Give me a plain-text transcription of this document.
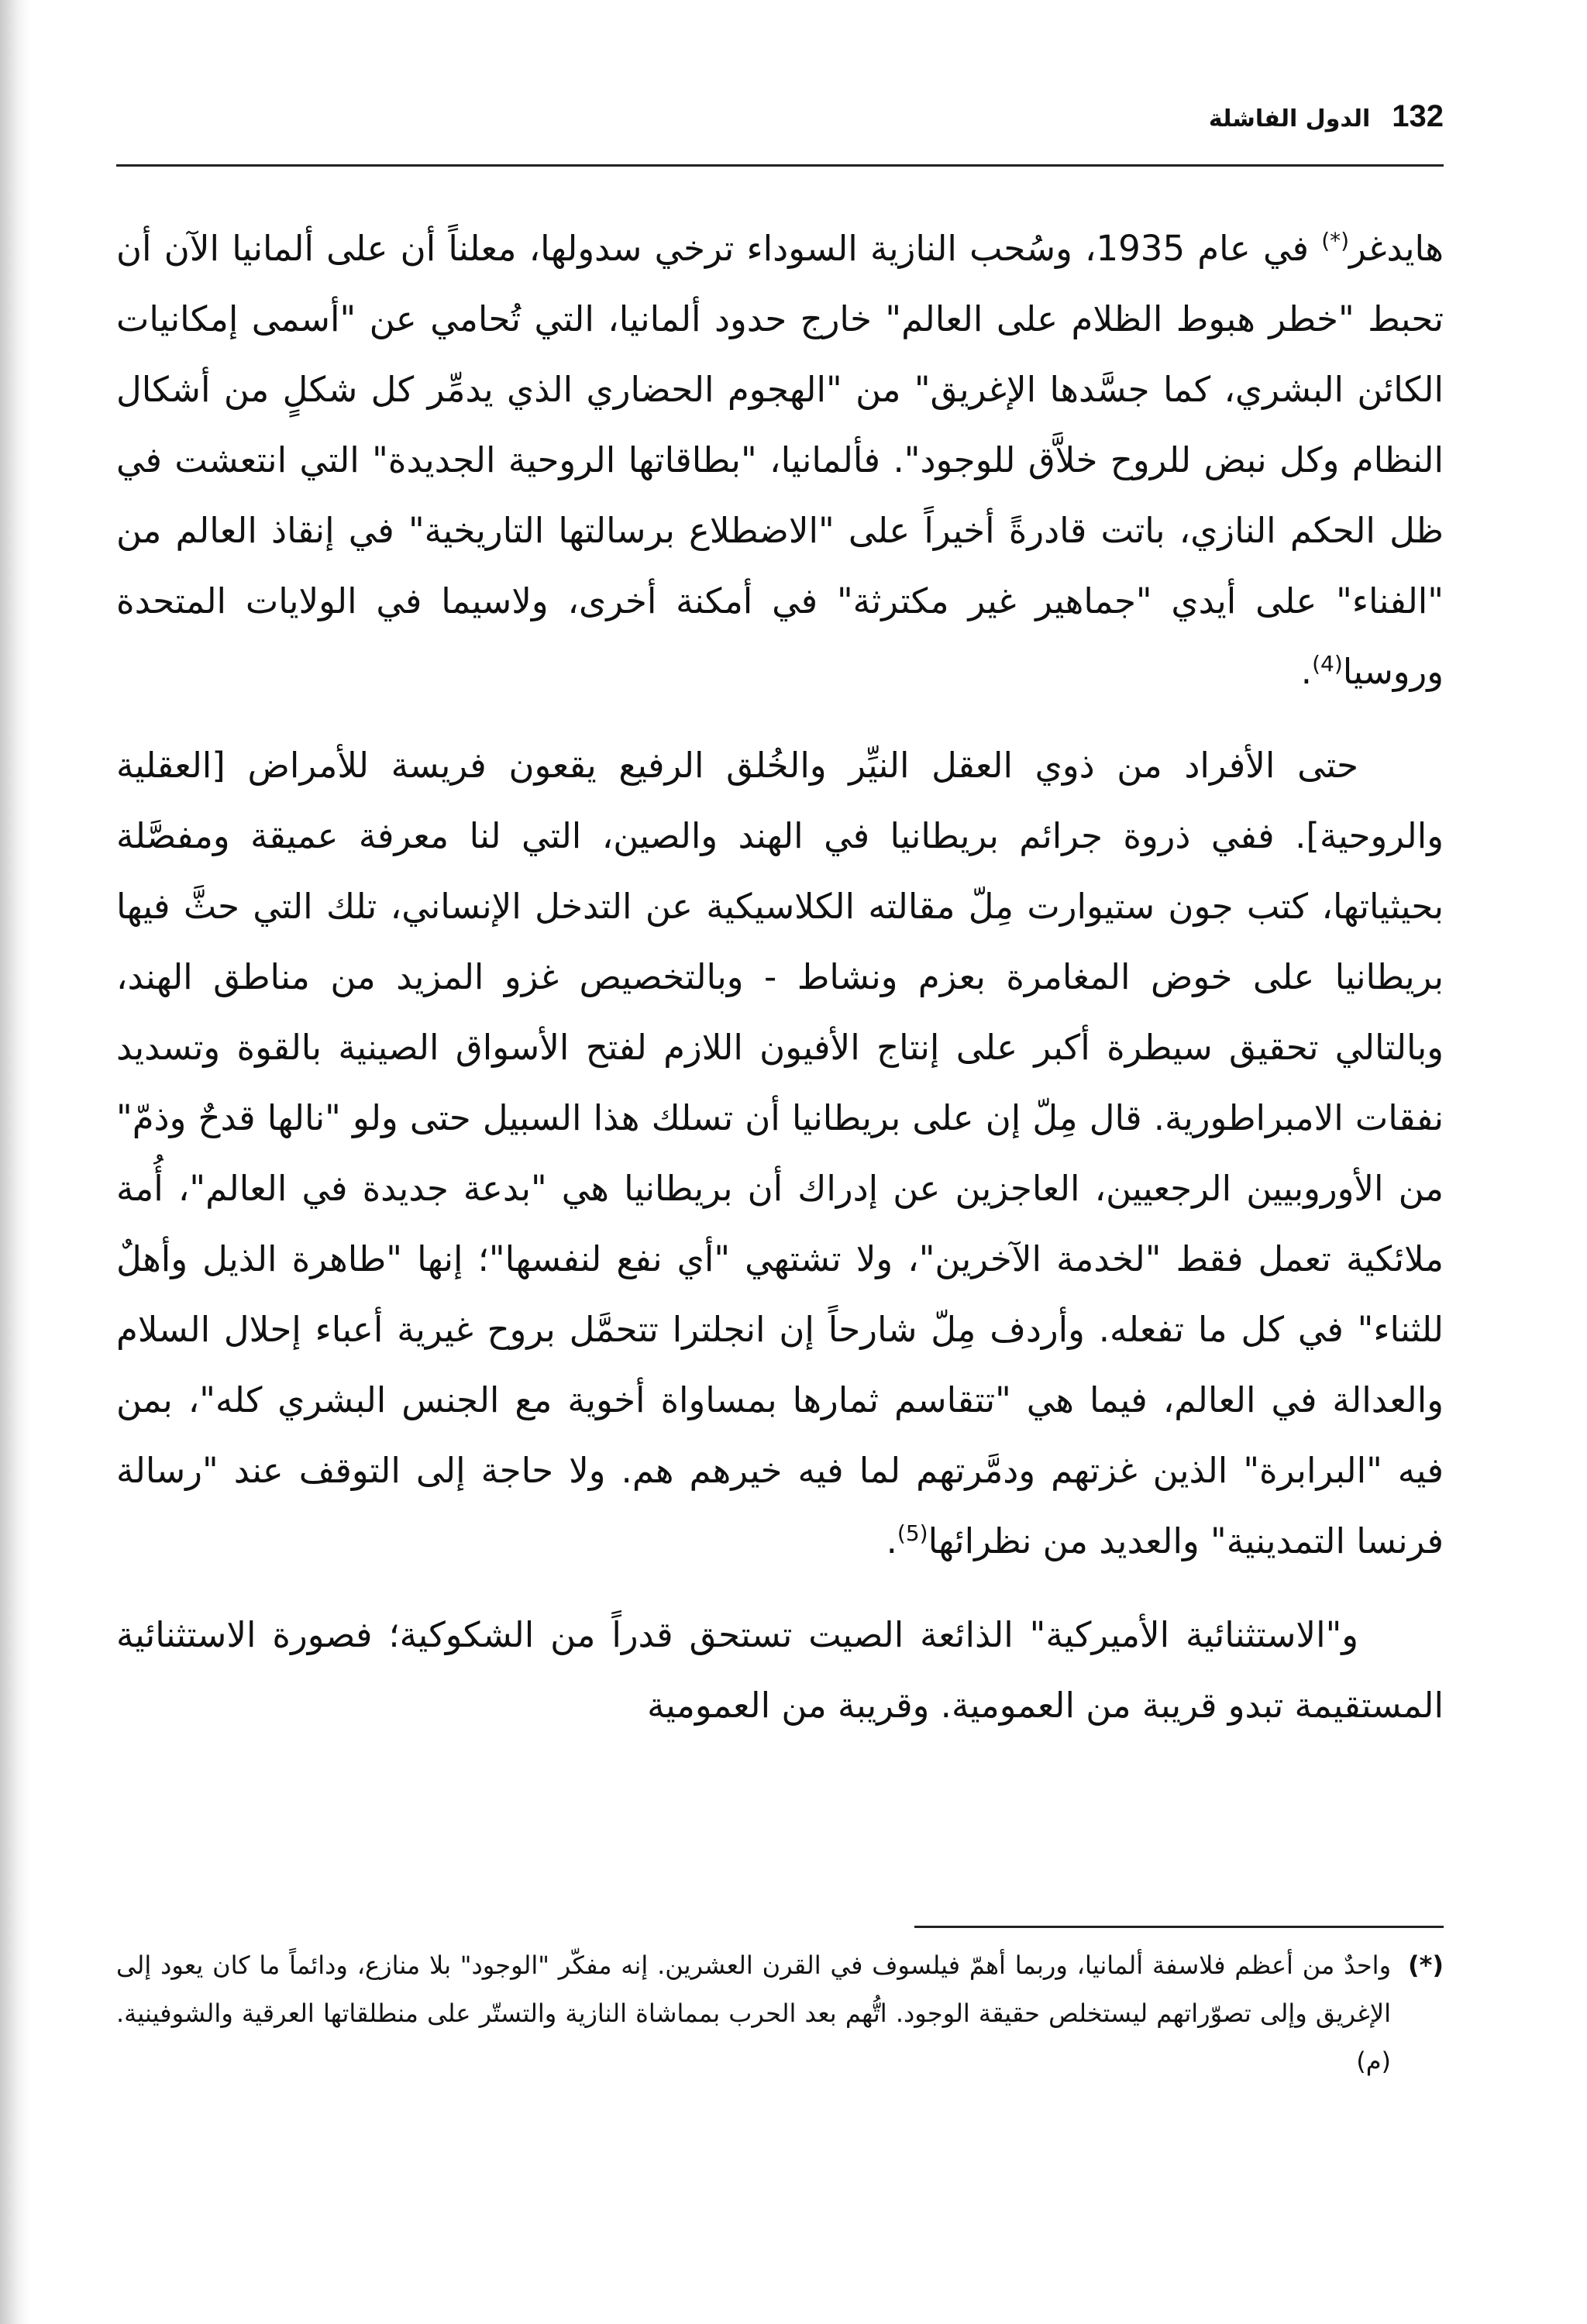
132
الدول الفاشلة

هايدغر(*) في عام 1935، وسُحب النازية السوداء ترخي سدولها، معلناً أن على ألمانيا الآن أن تحبط "خطر هبوط الظلام على العالم" خارج حدود ألمانيا، التي تُحامي عن "أسمى إمكانيات الكائن البشري، كما جسَّدها الإغريق" من "الهجوم الحضاري الذي يدمِّر كل شكلٍ من أشكال النظام وكل نبض للروح خلاَّق للوجود". فألمانيا، "بطاقاتها الروحية الجديدة" التي انتعشت في ظل الحكم النازي، باتت قادرةً أخيراً على "الاضطلاع برسالتها التاريخية" في إنقاذ العالم من "الفناء" على أيدي "جماهير غير مكترثة" في أمكنة أخرى، ولاسيما في الولايات المتحدة وروسيا$^{(4)}$.

حتى الأفراد من ذوي العقل النيِّر والخُلق الرفيع يقعون فريسة للأمراض [العقلية والروحية]. ففي ذروة جرائم بريطانيا في الهند والصين، التي لنا معرفة عميقة ومفصَّلة بحيثياتها، كتب جون ستيوارت مِلّ مقالته الكلاسيكية عن التدخل الإنساني، تلك التي حثَّ فيها بريطانيا على خوض المغامرة بعزم ونشاط - وبالتخصيص غزو المزيد من مناطق الهند، وبالتالي تحقيق سيطرة أكبر على إنتاج الأفيون اللازم لفتح الأسواق الصينية بالقوة وتسديد نفقات الامبراطورية. قال مِلّ إن على بريطانيا أن تسلك هذا السبيل حتى ولو "نالها قدحٌ وذمّ" من الأوروبيين الرجعيين، العاجزين عن إدراك أن بريطانيا هي "بدعة جديدة في العالم"، أُمة ملائكية تعمل فقط "لخدمة الآخرين"، ولا تشتهي "أي نفع لنفسها"؛ إنها "طاهرة الذيل وأهلٌ للثناء" في كل ما تفعله. وأردف مِلّ شارحاً إن انجلترا تتحمَّل بروح غيرية أعباء إحلال السلام والعدالة في العالم، فيما هي "تتقاسم ثمارها بمساواة أخوية مع الجنس البشري كله"، بمن فيه "البرابرة" الذين غزتهم ودمَّرتهم لما فيه خيرهم هم. ولا حاجة إلى التوقف عند "رسالة فرنسا التمدينية" والعديد من نظرائها$^{(5)}$.

و"الاستثنائية الأميركية" الذائعة الصيت تستحق قدراً من الشكوكية؛ فصورة الاستثنائية المستقيمة تبدو قريبة من العمومية. وقريبة من العمومية

(*)
واحدٌ من أعظم فلاسفة ألمانيا، وربما أهمّ فيلسوف في القرن العشرين. إنه مفكّر "الوجود" بلا منازع، ودائماً ما كان يعود إلى الإغريق وإلى تصوّراتهم ليستخلص حقيقة الوجود. اتُّهم بعد الحرب بمماشاة النازية والتستّر على منطلقاتها العرقية والشوفينية. (م)
